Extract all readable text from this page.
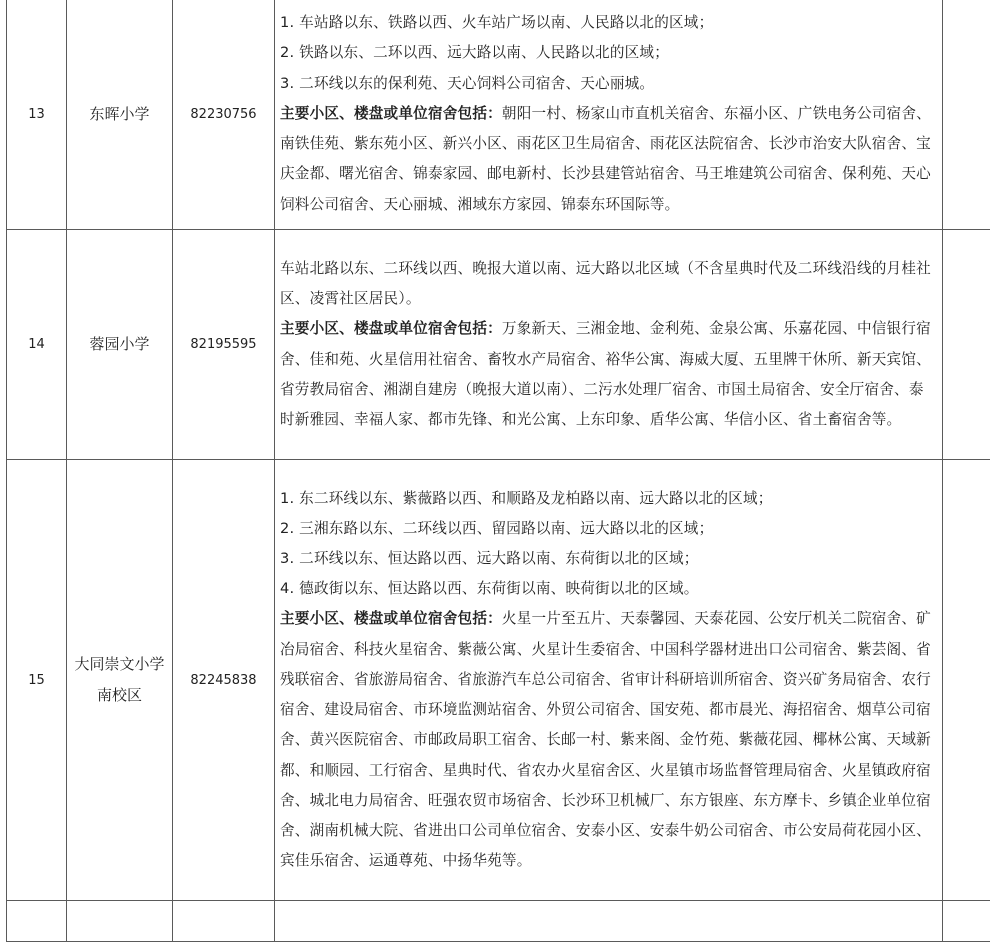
13	东晖小学	82230756	1. 车站路以东、铁路以西、火车站广场以南、人民路以北的区域；
2. 铁路以东、二环以西、远大路以南、人民路以北的区域；
3. 二环线以东的保利苑、天心饲料公司宿舍、天心丽城。

主要小区、楼盘或单位宿舍包括：朝阳一村、杨家山市直机关宿舍、东福小区、广铁电务公司宿舍、南铁佳苑、紫东苑小区、新兴小区、雨花区卫生局宿舍、雨花区法院宿舍、长沙市治安大队宿舍、宝庆金都、曙光宿舍、锦泰家园、邮电新村、长沙县建管站宿舍、马王堆建筑公司宿舍、保利苑、天心饲料公司宿舍、天心丽城、湘域东方家园、锦泰东环国际等。	

14	蓉园小学	82195595	车站北路以东、二环线以西、晚报大道以南、远大路以北区域（不含星典时代及二环线沿线的月桂社区、凌霄社区居民）。

主要小区、楼盘或单位宿舍包括：万象新天、三湘金地、金利苑、金泉公寓、乐嘉花园、中信银行宿舍、佳和苑、火星信用社宿舍、畜牧水产局宿舍、裕华公寓、海威大厦、五里牌干休所、新天宾馆、省劳教局宿舍、湘湖自建房（晚报大道以南）、二污水处理厂宿舍、市国土局宿舍、安全厅宿舍、泰时新雅园、幸福人家、都市先锋、和光公寓、上东印象、盾华公寓、华信小区、省土畜宿舍等。	

15	大同崇文小学南校区	82245838	1. 东二环线以东、紫薇路以西、和顺路及龙柏路以南、远大路以北的区域；
2. 三湘东路以东、二环线以西、留园路以南、远大路以北的区域；
3. 二环线以东、恒达路以西、远大路以南、东荷街以北的区域；
4. 德政街以东、恒达路以西、东荷街以南、映荷街以北的区域。

主要小区、楼盘或单位宿舍包括：火星一片至五片、天泰馨园、天泰花园、公安厅机关二院宿舍、矿冶局宿舍、科技火星宿舍、紫薇公寓、火星计生委宿舍、中国科学器材进出口公司宿舍、紫芸阁、省残联宿舍、省旅游局宿舍、省旅游汽车总公司宿舍、省审计科研培训所宿舍、资兴矿务局宿舍、农行宿舍、建设局宿舍、市环境监测站宿舍、外贸公司宿舍、国安苑、都市晨光、海招宿舍、烟草公司宿舍、黄兴医院宿舍、市邮政局职工宿舍、长邮一村、紫来阁、金竹苑、紫薇花园、椰林公寓、天域新都、和顺园、工行宿舍、星典时代、省农办火星宿舍区、火星镇市场监督管理局宿舍、火星镇政府宿舍、城北电力局宿舍、旺强农贸市场宿舍、长沙环卫机械厂、东方银座、东方摩卡、乡镇企业单位宿舍、湖南机械大院、省进出口公司单位宿舍、安泰小区、安泰牛奶公司宿舍、市公安局荷花园小区、宾佳乐宿舍、运通尊苑、中扬华苑等。	
